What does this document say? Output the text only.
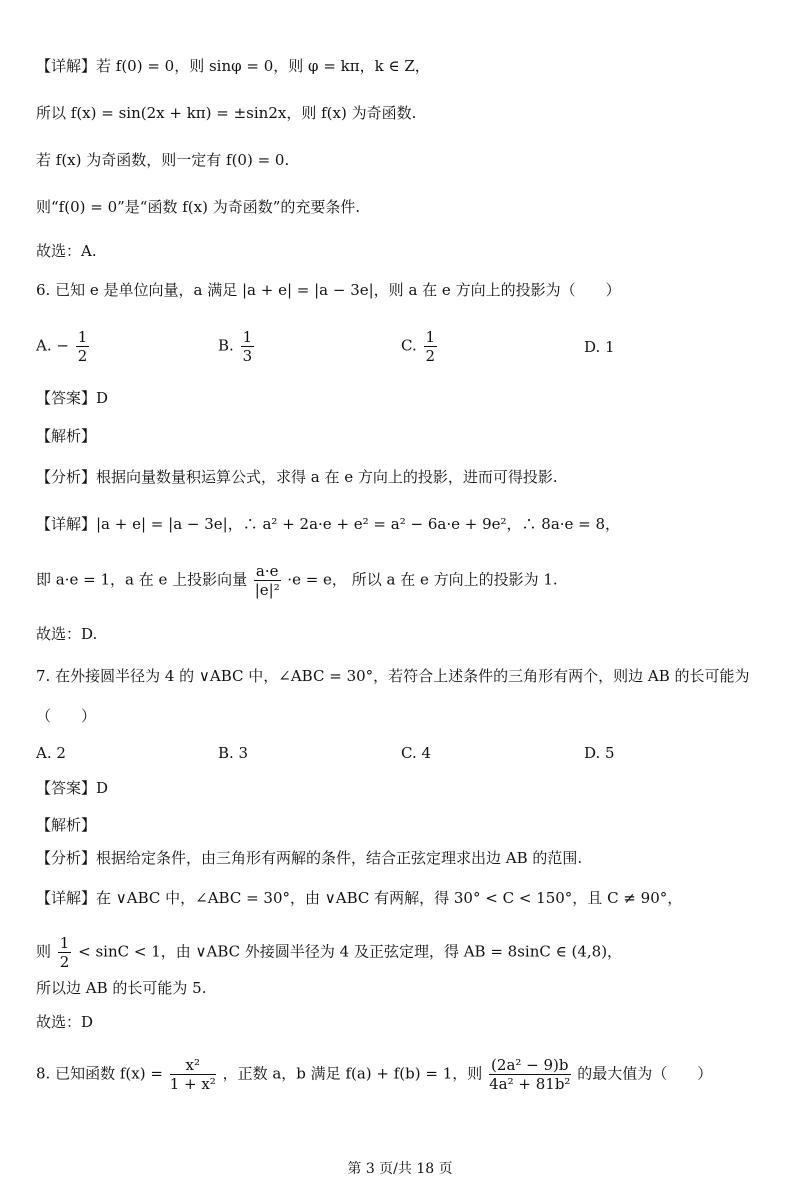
【详解】若 f(0) = 0，则 sinφ = 0，则 φ = kπ，k ∈ Z，
所以 f(x) = sin(2x + kπ) = ±sin2x，则 f(x) 为奇函数.
若 f(x) 为奇函数，则一定有 f(0) = 0.
则“f(0) = 0”是“函数 f(x) 为奇函数”的充要条件.
故选：A.
6. 已知 e 是单位向量，a 满足 |a + e| = |a − 3e|，则 a 在 e 方向上的投影为（　　）
A. − $\frac{1}{2}$	B. $\frac{1}{3}$	C. $\frac{1}{2}$	D. 1
【答案】D
【解析】
【分析】根据向量数量积运算公式，求得 a 在 e 方向上的投影，进而可得投影.
【详解】|a + e| = |a − 3e|，∴ a² + 2a·e + e² = a² − 6a·e + 9e²，∴ 8a·e = 8，
即 a·e = 1，a 在 e 上投影向量 $\frac{a\cdot e}{\text{|e|²}} \cdot e = e$， 所以 a 在 e 方向上的投影为 1.
故选：D.
7. 在外接圆半径为 4 的 ∨ABC 中，∠ABC = 30°，若符合上述条件的三角形有两个，则边 AB 的长可能为
（　　）
A. 2	B. 3	C. 4	D. 5
【答案】D
【解析】
【分析】根据给定条件，由三角形有两解的条件，结合正弦定理求出边 AB 的范围.
【详解】在 ∨ABC 中，∠ABC = 30°，由 ∨ABC 有两解，得 30° < C < 150°，且 C ≠ 90°，
则 $\frac{1}{2} < \sin C < 1$，由 ∨ABC 外接圆半径为 4 及正弦定理，得 AB = 8sinC ∈ (4,8)，
所以边 AB 的长可能为 5.
故选：D
8. 已知函数 $f(x) = \frac{\text{x²}}{\text{1 + x²}}$ ，正数 a，b 满足 f(a) + f(b) = 1，则 $\frac{\text{(2a² − 9)b}}{\text{4a² + 81b²}}$ 的最大值为（　　）
第 3 页/共 18 页
